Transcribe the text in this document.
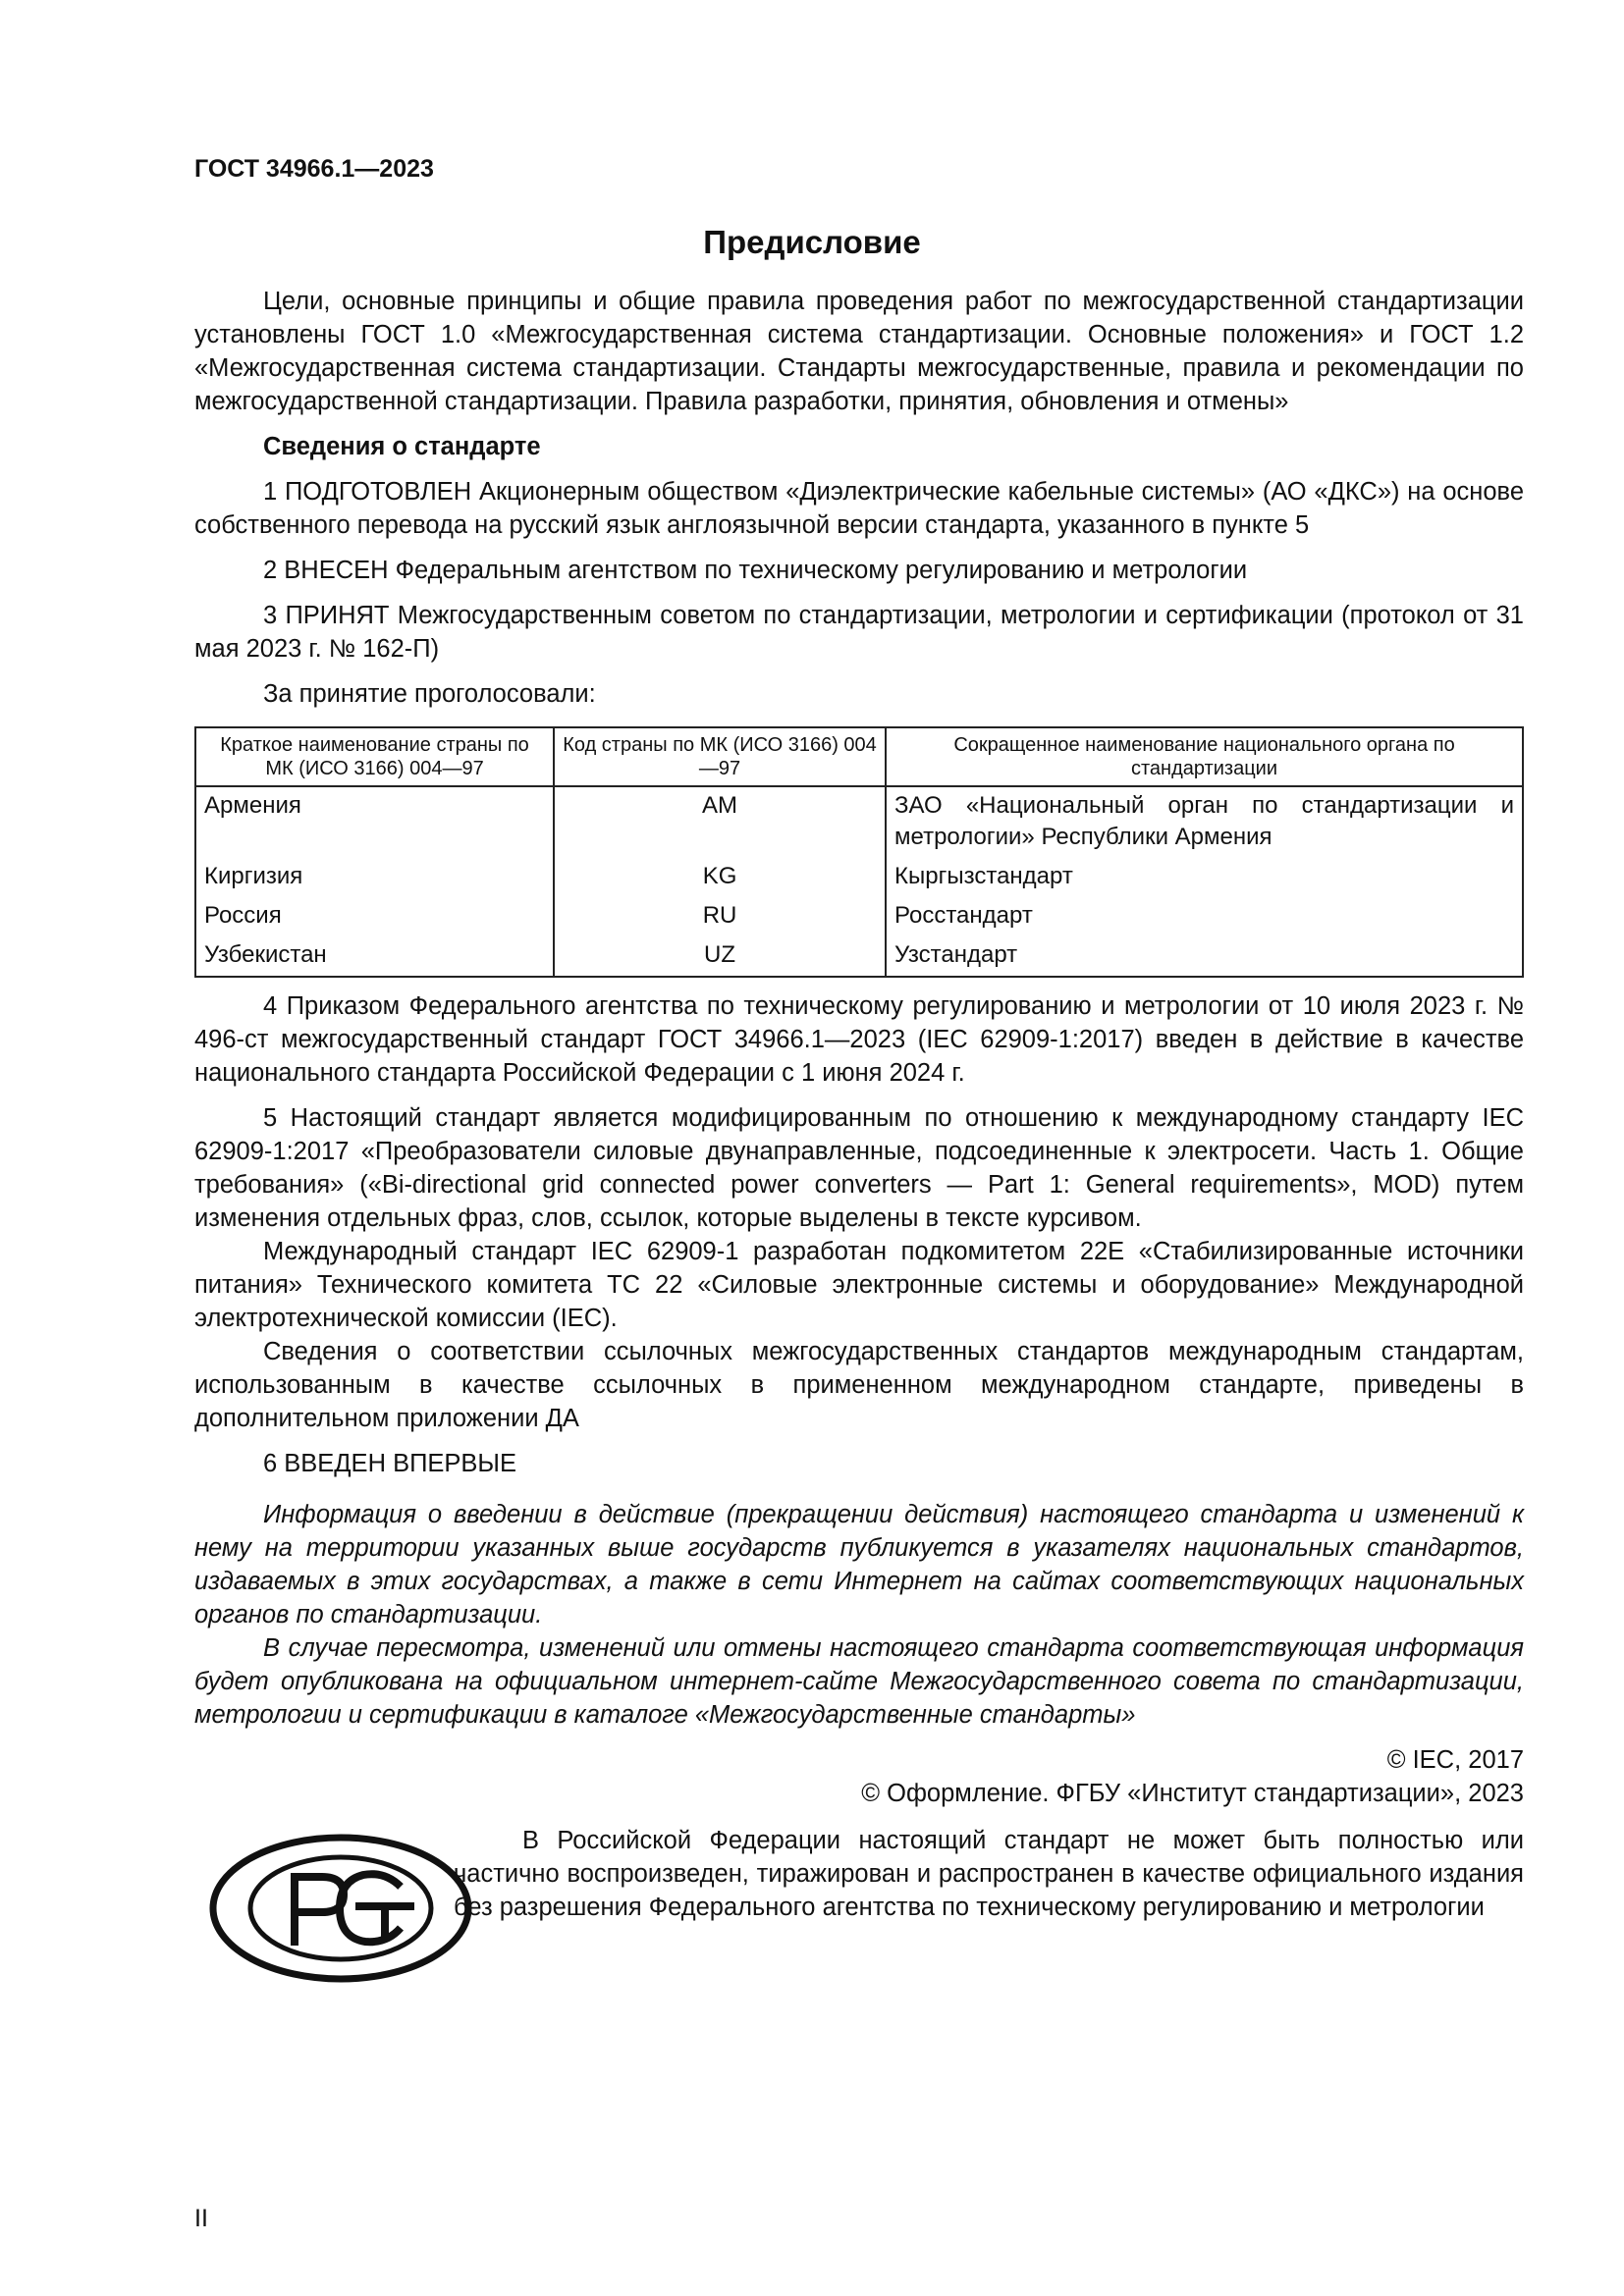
ГОСТ 34966.1—2023
Предисловие

Цели, основные принципы и общие правила проведения работ по межгосударственной стандартизации установлены ГОСТ 1.0 «Межгосударственная система стандартизации. Основные положения» и ГОСТ 1.2 «Межгосударственная система стандартизации. Стандарты межгосударственные, правила и рекомендации по межгосударственной стандартизации. Правила разработки, принятия, обновления и отмены»

Сведения о стандарте

1 ПОДГОТОВЛЕН Акционерным обществом «Диэлектрические кабельные системы» (АО «ДКС») на основе собственного перевода на русский язык англоязычной версии стандарта, указанного в пункте 5

2 ВНЕСЕН Федеральным агентством по техническому регулированию и метрологии

3 ПРИНЯТ Межгосударственным советом по стандартизации, метрологии и сертификации (протокол от 31 мая 2023 г. № 162-П)

За принятие проголосовали:

Краткое наименование страны по МК (ИСО 3166) 004—97	Код страны по МК (ИСО 3166) 004—97	Сокращенное наименование национального органа по стандартизации
Армения	AM	ЗАО «Национальный орган по стандартизации и метрологии» Республики Армения
Киргизия	KG	Кыргызстандарт
Россия	RU	Росстандарт
Узбекистан	UZ	Узстандарт

4 Приказом Федерального агентства по техническому регулированию и метрологии от 10 июля 2023 г. № 496-ст межгосударственный стандарт ГОСТ 34966.1—2023 (IEC 62909-1:2017) введен в действие в качестве национального стандарта Российской Федерации с 1 июня 2024 г.

5 Настоящий стандарт является модифицированным по отношению к международному стандарту IEC 62909-1:2017 «Преобразователи силовые двунаправленные, подсоединенные к электросети. Часть 1. Общие требования» («Bi-directional grid connected power converters — Part 1: General requirements», MOD) путем изменения отдельных фраз, слов, ссылок, которые выделены в тексте курсивом.

Международный стандарт IEC 62909-1 разработан подкомитетом 22E «Стабилизированные источники питания» Технического комитета TC 22 «Силовые электронные системы и оборудование» Международной электротехнической комиссии (IEC).

Сведения о соответствии ссылочных межгосударственных стандартов международным стандартам, использованным в качестве ссылочных в примененном международном стандарте, приведены в дополнительном приложении ДА

6 ВВЕДЕН ВПЕРВЫЕ

Информация о введении в действие (прекращении действия) настоящего стандарта и изменений к нему на территории указанных выше государств публикуется в указателях национальных стандартов, издаваемых в этих государствах, а также в сети Интернет на сайтах соответствующих национальных органов по стандартизации.

В случае пересмотра, изменений или отмены настоящего стандарта соответствующая информация будет опубликована на официальном интернет-сайте Межгосударственного совета по стандартизации, метрологии и сертификации в каталоге «Межгосударственные стандарты»

© IEC, 2017

© Оформление. ФГБУ «Институт стандартизации», 2023

В Российской Федерации настоящий стандарт не может быть полностью или частично воспроизведен, тиражирован и распространен в качестве официального издания без разрешения Федерального агентства по техническому регулированию и метрологии

II
